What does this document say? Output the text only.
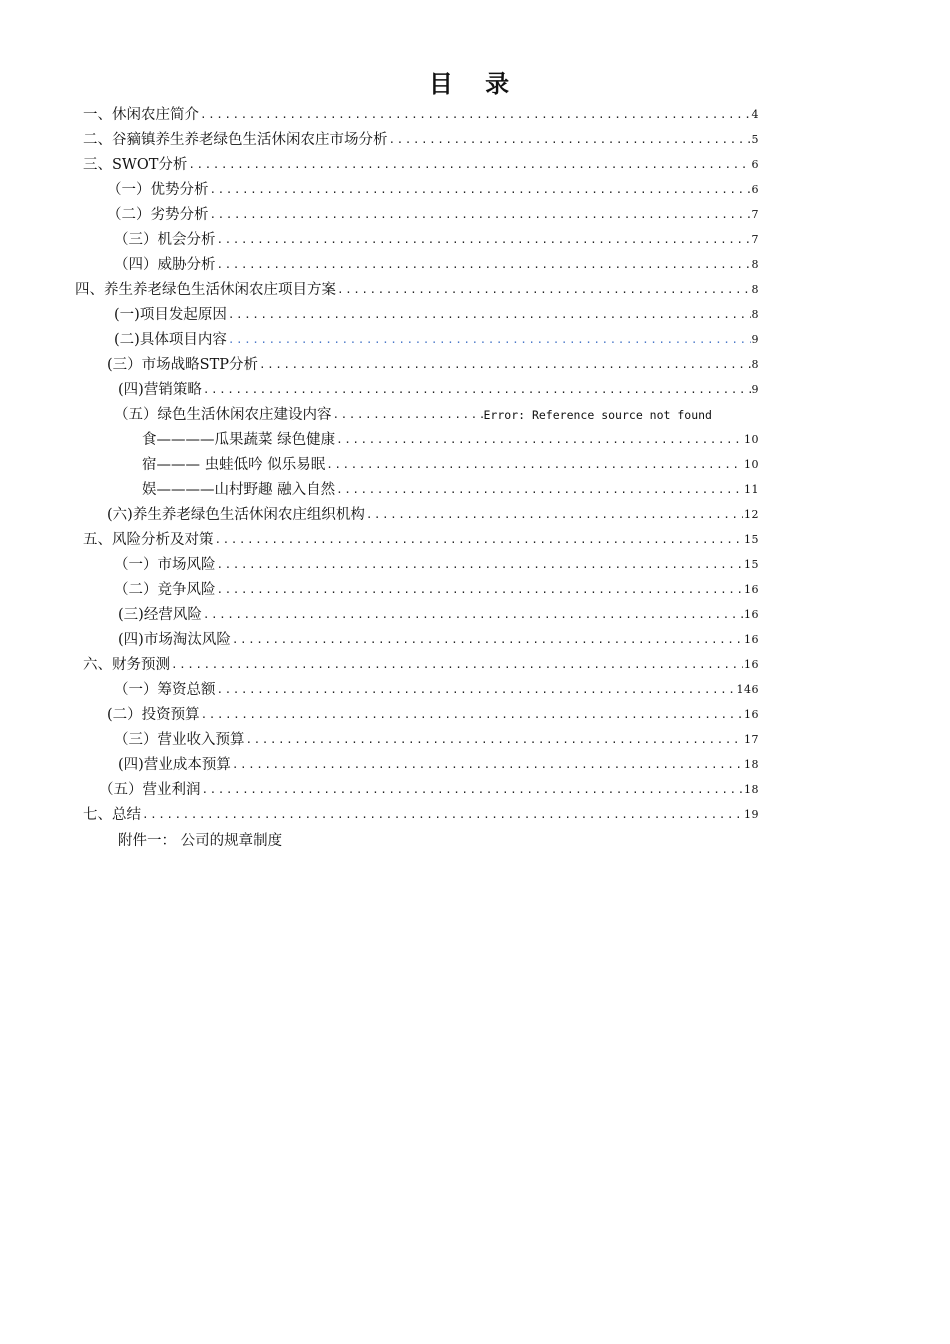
目 录
一、休闲农庄简介 .....	4
二、谷豴镇养生养老绿色生活休闲农庄市场分析 .....	5
三、SWOT分析 .....	6
（一）优势分析 .....	6
（二）劣势分析 .....	7
（三）机会分析 .....	7
（四）威胁分析 .....	8
四、养生养老绿色生活休闲农庄项目方案 .....	8
(一)项目发起原因 .....	8
(二)具体项目内容 .....	9
(三）市场战略STP分析 .....	8
(四)营销策略 .....	9
（五）绿色生活休闲农庄建设内容 .....	Error: Reference source not found
食————瓜果蔬菜 绿色健康 .....	10
宿——— 虫蛙低吟 似乐易眠 .....	10
娱————山村野趣 融入自然 .....	11
(六)养生养老绿色生活休闲农庄组织机构 .....	12
五、风险分析及对策 .....	15
（一）市场风险 .....	15
（二）竞争风险 .....	16
(三)经营风险 .....	16
(四)市场淘汰风险 .....	16
六、财务预测 .....	16
（一）筹资总额 .....	146
(二）投资预算 .....	16
（三）营业收入预算 .....	17
(四)营业成本预算 .....	18
（五）营业利润 .....	18
七、总结 .....	19
附件一： 公司的规章制度
